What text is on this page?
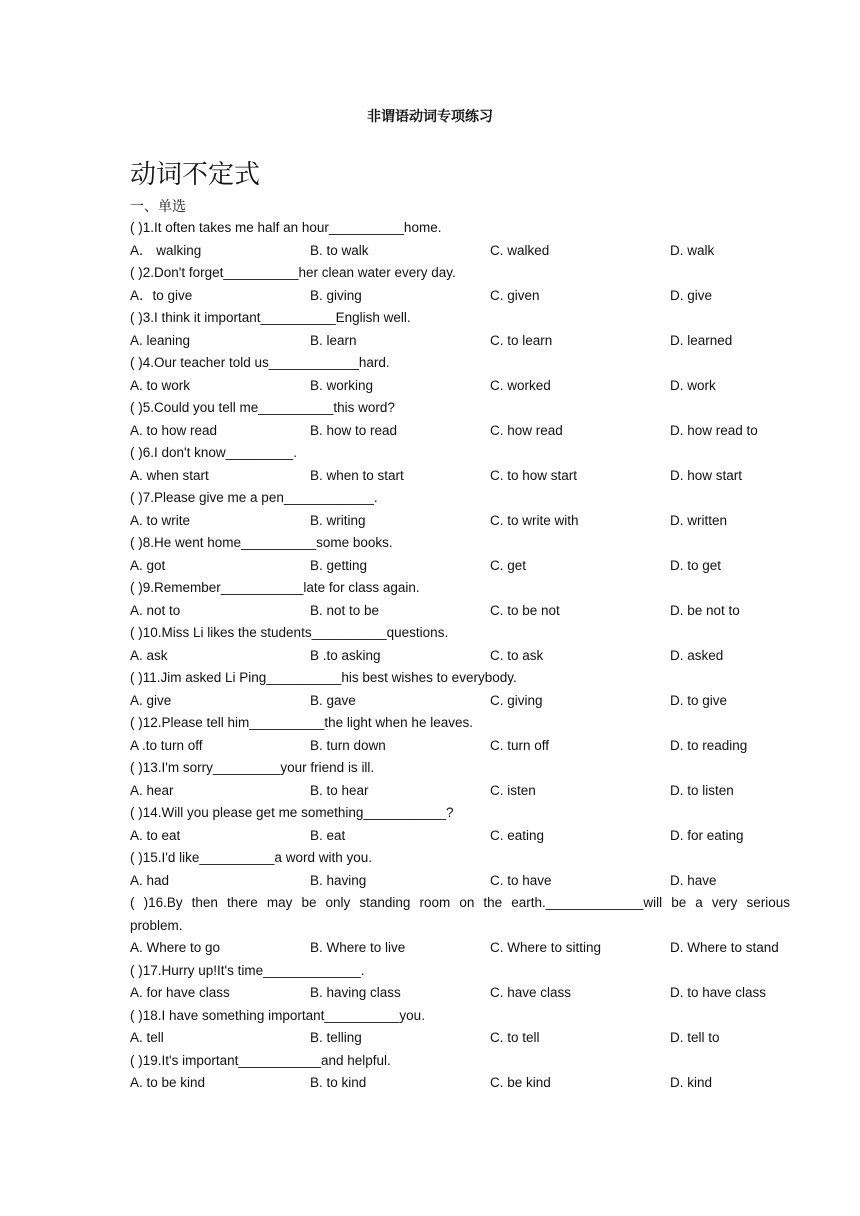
非谓语动词专项练习
动词不定式
一、单选
( )1.It often takes me half an hour__________home.
A． walking	B. to walk	C. walked	D. walk
( )2.Don't forget__________her clean water every day.
A．to give	B. giving	C. given	D. give
( )3.I think it important__________English well.
A. leaning	B. learn	C. to learn	D. learned
( )4.Our teacher told us____________hard.
A. to work	B. working	C. worked	D. work
( )5.Could you tell me__________this word?
A. to how read	B. how to read	C. how read	D. how read to
( )6.I don't know_________.
A. when start	B. when to start	C. to how start	D. how start
( )7.Please give me a pen____________.
A. to write	B. writing	C. to write with	D. written
( )8.He went home__________some books.
A. got	B. getting	C. get	D. to get
( )9.Remember___________late for class again.
A. not to	B. not to be	C. to be not	D. be not to
( )10.Miss Li likes the students__________questions.
A. ask	B .to asking	C. to ask	D. asked
( )11.Jim asked Li Ping__________his best wishes to everybody.
A. give	B. gave	C. giving	D. to give
( )12.Please tell him__________the light when he leaves.
A .to turn off	B. turn down	C. turn off	D. to reading
( )13.I'm sorry_________your friend is ill.
A. hear	B. to hear	C. isten	D. to listen
( )14.Will you please get me something___________?
A. to eat	B. eat	C. eating	D. for eating
( )15.I'd like__________a word with you.
A. had	B. having	C. to have	D. have
( )16.By then there may be only standing room on the earth._____________will be a very serious problem.
A. Where to go	B. Where to live	C. Where to sitting	D. Where to stand
( )17.Hurry up!It's time_____________.
A. for have class	B. having class	C. have class	D. to have class
( )18.I have something important__________you.
A. tell	B. telling	C. to tell	D. tell to
( )19.It's important___________and helpful.
A. to be kind	B. to kind	C. be kind	D. kind
